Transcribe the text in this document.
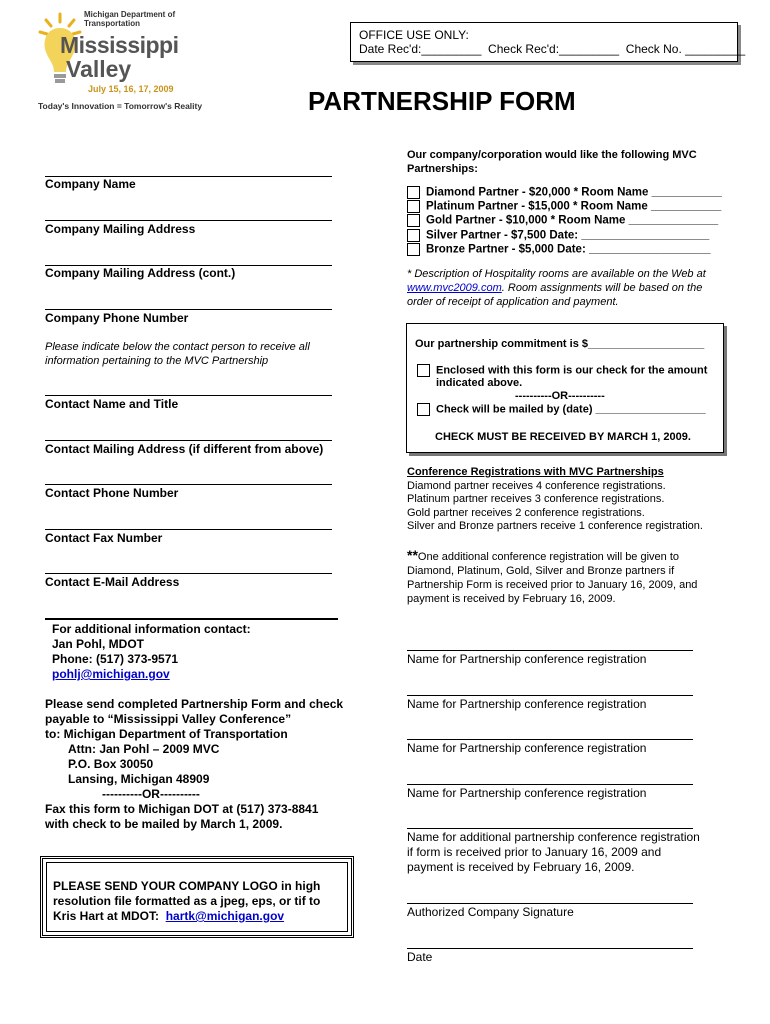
Michigan Department of Transportation
Mississippi
Valley
July 15, 16, 17, 2009
Today's Innovation = Tomorrow's Reality
OFFICE USE ONLY:
Date Rec'd:_________  Check Rec'd:_________  Check No. _________
PARTNERSHIP FORM
Company Name
Company Mailing Address
Company Mailing Address (cont.)
Company Phone Number
Please indicate below the contact person to receive all information pertaining to the MVC Partnership
Contact Name and Title
Contact Mailing Address (if different from above)
Contact Phone Number
Contact Fax Number
Contact E-Mail Address
For additional information contact:
Jan Pohl, MDOT
Phone: (517) 373-9571
pohlj@michigan.gov
Please send completed Partnership Form and check
payable to “Mississippi Valley Conference”
to: Michigan Department of Transportation
Attn: Jan Pohl – 2009 MVC
P.O. Box 30050
Lansing, Michigan 48909
----------OR----------
Fax this form to Michigan DOT at (517) 373-8841
with check to be mailed by March 1, 2009.
PLEASE SEND YOUR COMPANY LOGO in high
resolution file formatted as a jpeg, eps, or tif to
Kris Hart at MDOT: hartk@michigan.gov
Our company/corporation would like the following MVC
Partnerships:
Diamond Partner - $20,000 * Room Name ___________
Platinum Partner - $15,000 * Room Name ___________
Gold Partner - $10,000 * Room Name ______________
Silver Partner - $7,500 Date: ____________________
Bronze Partner - $5,000 Date: ___________________
* Description of Hospitality rooms are available on the Web at
www.mvc2009.com. Room assignments will be based on the
order of receipt of application and payment.
Our partnership commitment is $___________________
Enclosed with this form is our check for the amount
indicated above.
----------OR----------
Check will be mailed by (date) __________________
CHECK MUST BE RECEIVED BY MARCH 1, 2009.
Conference Registrations with MVC Partnerships
Diamond partner receives 4 conference registrations.
Platinum partner receives 3 conference registrations.
Gold partner receives 2 conference registrations.
Silver and Bronze partners receive 1 conference registration.
**One additional conference registration will be given to
Diamond, Platinum, Gold, Silver and Bronze partners if
Partnership Form is received prior to January 16, 2009, and
payment is received by February 16, 2009.
Name for Partnership conference registration
Name for Partnership conference registration
Name for Partnership conference registration
Name for Partnership conference registration
Name for additional partnership conference registration
if form is received prior to January 16, 2009 and
payment is received by February 16, 2009.
Authorized Company Signature
Date
